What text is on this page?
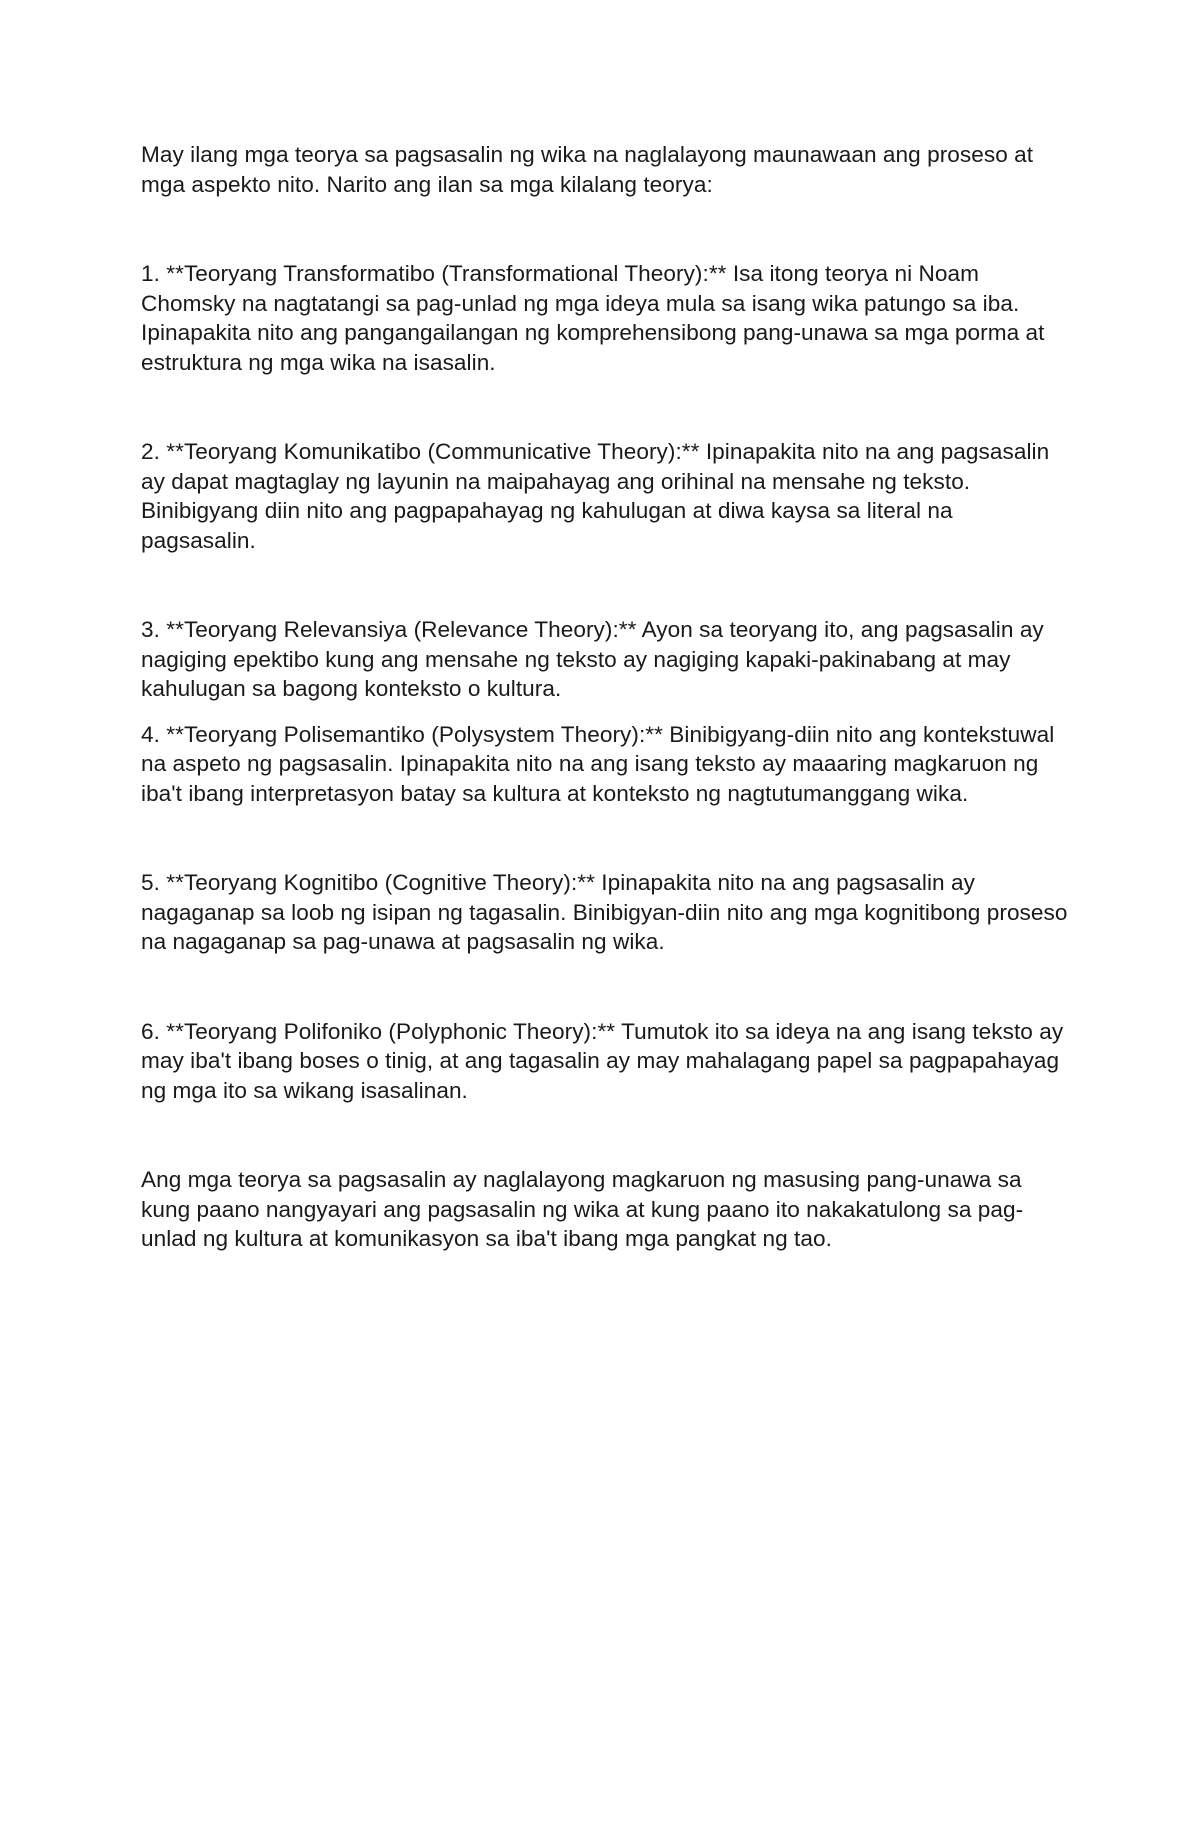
May ilang mga teorya sa pagsasalin ng wika na naglalayong maunawaan ang proseso at mga aspekto nito. Narito ang ilan sa mga kilalang teorya:

1. **Teoryang Transformatibo (Transformational Theory):** Isa itong teorya ni Noam Chomsky na nagtatangi sa pag-unlad ng mga ideya mula sa isang wika patungo sa iba. Ipinapakita nito ang pangangailangan ng komprehensibong pang-unawa sa mga porma at estruktura ng mga wika na isasalin.

2. **Teoryang Komunikatibo (Communicative Theory):** Ipinapakita nito na ang pagsasalin ay dapat magtaglay ng layunin na maipahayag ang orihinal na mensahe ng teksto. Binibigyang diin nito ang pagpapahayag ng kahulugan at diwa kaysa sa literal na pagsasalin.

3. **Teoryang Relevansiya (Relevance Theory):** Ayon sa teoryang ito, ang pagsasalin ay nagiging epektibo kung ang mensahe ng teksto ay nagiging kapaki-pakinabang at may kahulugan sa bagong konteksto o kultura.

4. **Teoryang Polisemantiko (Polysystem Theory):** Binibigyang-diin nito ang kontekstuwal na aspeto ng pagsasalin. Ipinapakita nito na ang isang teksto ay maaaring magkaruon ng iba't ibang interpretasyon batay sa kultura at konteksto ng nagtutumanggang wika.

5. **Teoryang Kognitibo (Cognitive Theory):** Ipinapakita nito na ang pagsasalin ay nagaganap sa loob ng isipan ng tagasalin. Binibigyan-diin nito ang mga kognitibong proseso na nagaganap sa pag-unawa at pagsasalin ng wika.

6. **Teoryang Polifoniko (Polyphonic Theory):** Tumutok ito sa ideya na ang isang teksto ay may iba't ibang boses o tinig, at ang tagasalin ay may mahalagang papel sa pagpapahayag ng mga ito sa wikang isasalinan.

Ang mga teorya sa pagsasalin ay naglalayong magkaruon ng masusing pang-unawa sa kung paano nangyayari ang pagsasalin ng wika at kung paano ito nakakatulong sa pag-unlad ng kultura at komunikasyon sa iba't ibang mga pangkat ng tao.
